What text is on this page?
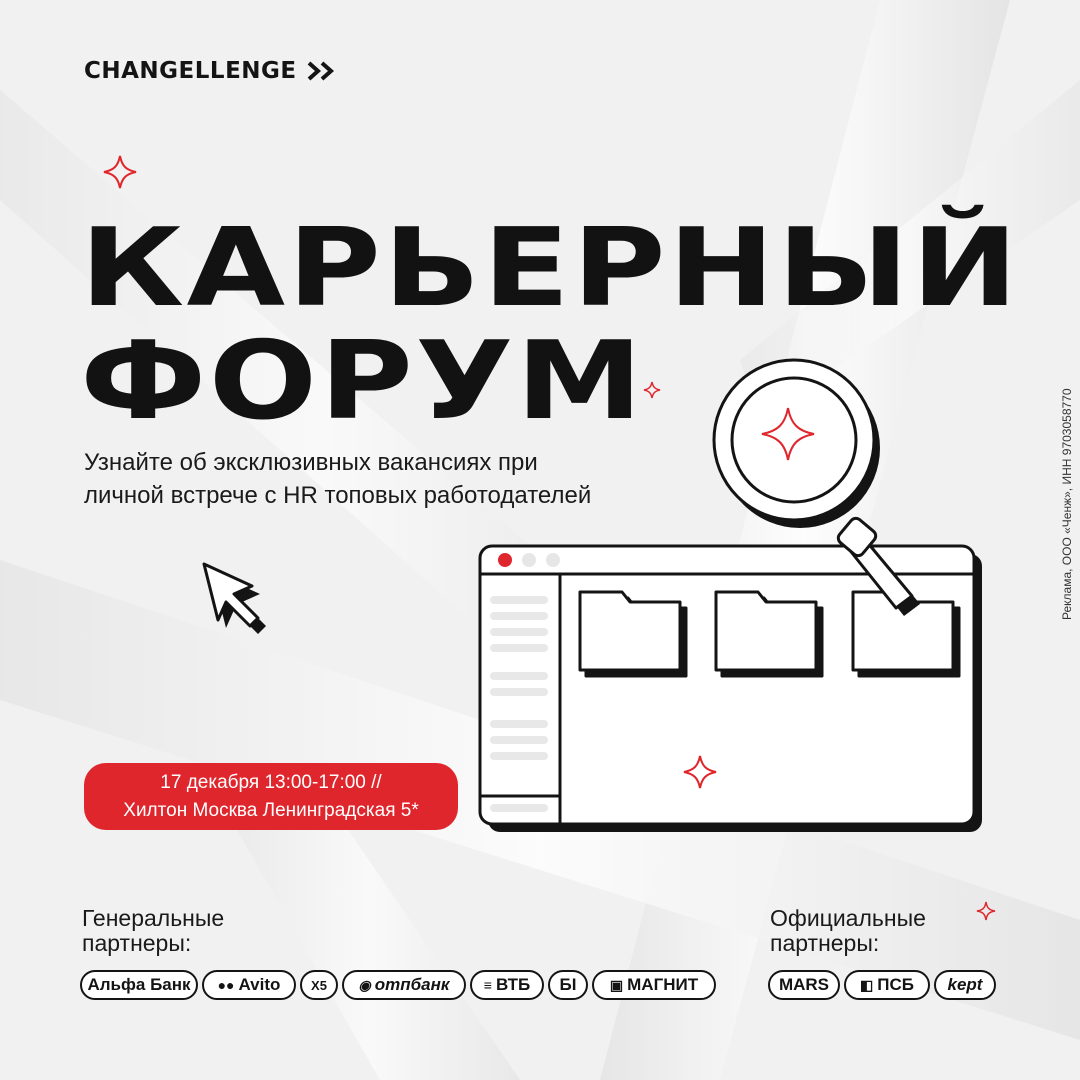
CHANGELLENGE
КАРЬЕРНЫЙ
ФОРУМ
Узнайте об эксклюзивных вакансиях при
личной встрече с HR топовых работодателей
17 декабря 13:00-17:00 //
Хилтон Москва Ленинградская 5*
Генеральные
партнеры:
Альфа Банк ●● Avito X5 ◉ отпбанк ≡ ВТБ БІ ▣ МАГНИТ
Официальные
партнеры:
MARS ◧ ПСБ kept
Реклама, ООО «Ченж», ИНН 9703058770
